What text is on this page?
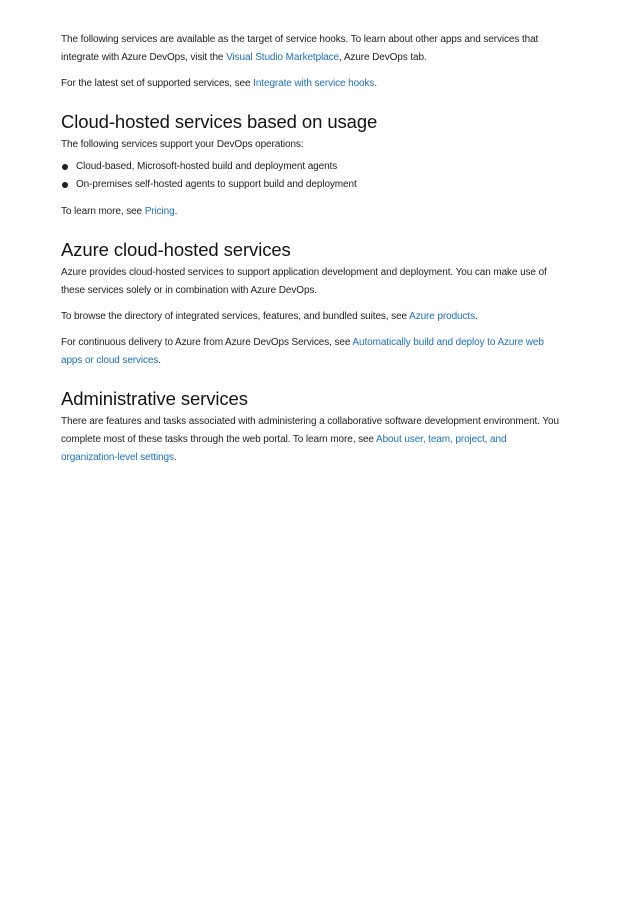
The following services are available as the target of service hooks. To learn about other apps and services that integrate with Azure DevOps, visit the Visual Studio Marketplace, Azure DevOps tab.

For the latest set of supported services, see Integrate with service hooks.

Cloud-hosted services based on usage

The following services support your DevOps operations:

Cloud-based, Microsoft-hosted build and deployment agents
On-premises self-hosted agents to support build and deployment

To learn more, see Pricing.

Azure cloud-hosted services

Azure provides cloud-hosted services to support application development and deployment. You can make use of these services solely or in combination with Azure DevOps.

To browse the directory of integrated services, features, and bundled suites, see Azure products.

For continuous delivery to Azure from Azure DevOps Services, see Automatically build and deploy to Azure web apps or cloud services.

Administrative services

There are features and tasks associated with administering a collaborative software development environment. You complete most of these tasks through the web portal. To learn more, see About user, team, project, and organization-level settings.
